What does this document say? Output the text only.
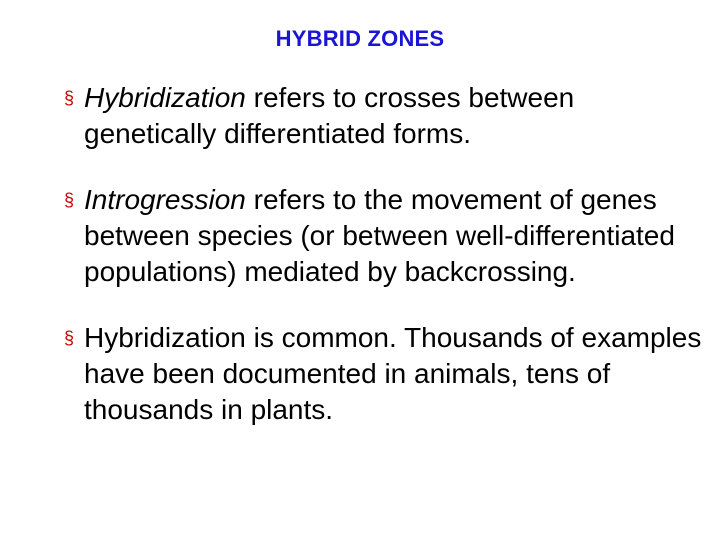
HYBRID ZONES
§ Hybridization refers to crosses between genetically differentiated forms.
§ Introgression refers to the movement of genes between species (or between well-differentiated populations) mediated by backcrossing.
§ Hybridization is common. Thousands of examples have been documented in animals, tens of thousands in plants.
